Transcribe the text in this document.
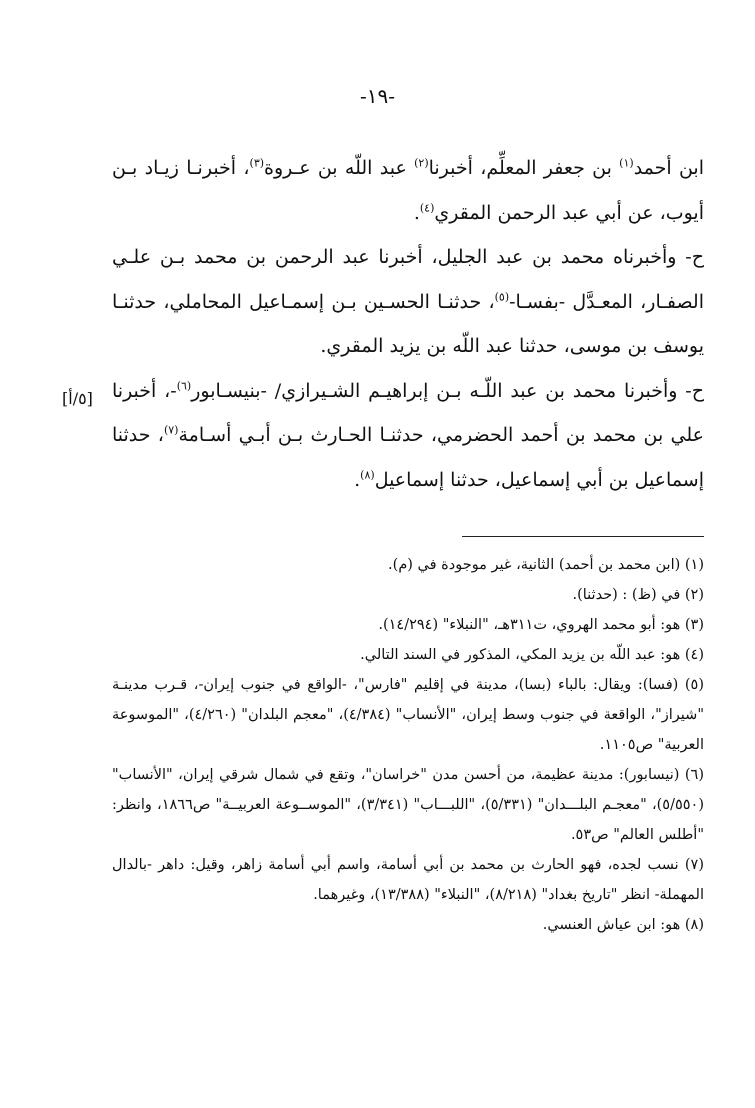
-١٩-
[٥/أ]

ابن أحمد$^{(١)}$ بن جعفر المعلِّم، أخبرنا$^{(٢)}$ عبد اللّه بن عـروة$^{(٣)}$، أخبرنـا زيـاد بـن أيوب، عن أبي عبد الرحمن المقري$^{(٤)}$.

ح- وأخبرناه محمد بن عبد الجليل، أخبرنا عبد الرحمن بن محمد بـن علـي الصفـار، المعـدَّل -بفسـا-$^{(٥)}$، حدثنـا الحسـين بـن إسمـاعيل المحاملي، حدثنـا يوسف بن موسى، حدثنا عبد اللّه بن يزيد المقري.

ح- وأخبرنا محمد بن عبد اللّـه بـن إبراهيـم الشـيرازي/ -بنيسـابور$^{(٦)}$-، أخبرنا علي بن محمد بن أحمد الحضرمي، حدثنـا الحـارث بـن أبـي أسـامة$^{(٧)}$، حدثنا إسماعيل بن أبي إسماعيل، حدثنا إسماعيل$^{(٨)}$.

(١) (ابن محمد بن أحمد) الثانية، غير موجودة في (م).

(٢) في (ظ) : (حدثنا).

(٣) هو: أبو محمد الهروي، ت٣١١هـ، "النبلاء" (١٤/٢٩٤).

(٤) هو: عبد اللّه بن يزيد المكي، المذكور في السند التالي.

(٥) (فسا): ويقال: بالباء (بسا)، مدينة في إقليم "فارس"، -الواقع في جنوب إيران-، قـرب مدينـة "شيراز"، الواقعة في جنوب وسط إيران، "الأنساب" (٤/٣٨٤)، "معجم البلدان" (٤/٢٦٠)، "الموسوعة العربية" ص١١٠٥.

(٦) (نيسابور): مدينة عظيمة، من أحسن مدن "خراسان"، وتقع في شمال شرقي إيران، "الأنساب" (٥/٥٥٠)، "معجـم البلـــدان" (٥/٣٣١)، "اللبـــاب" (٣/٣٤١)، "الموســوعة العربيــة" ص١٨٦٦، وانظر: "أطلس العالم" ص٥٣.

(٧) نسب لجده، فهو الحارث بن محمد بن أبي أسامة، واسم أبي أسامة زاهر، وقيل: داهر -بالدال المهملة- انظر "تاريخ بغداد" (٨/٢١٨)، "النبلاء" (١٣/٣٨٨)، وغيرهما.

(٨) هو: ابن عياش العنسي.
